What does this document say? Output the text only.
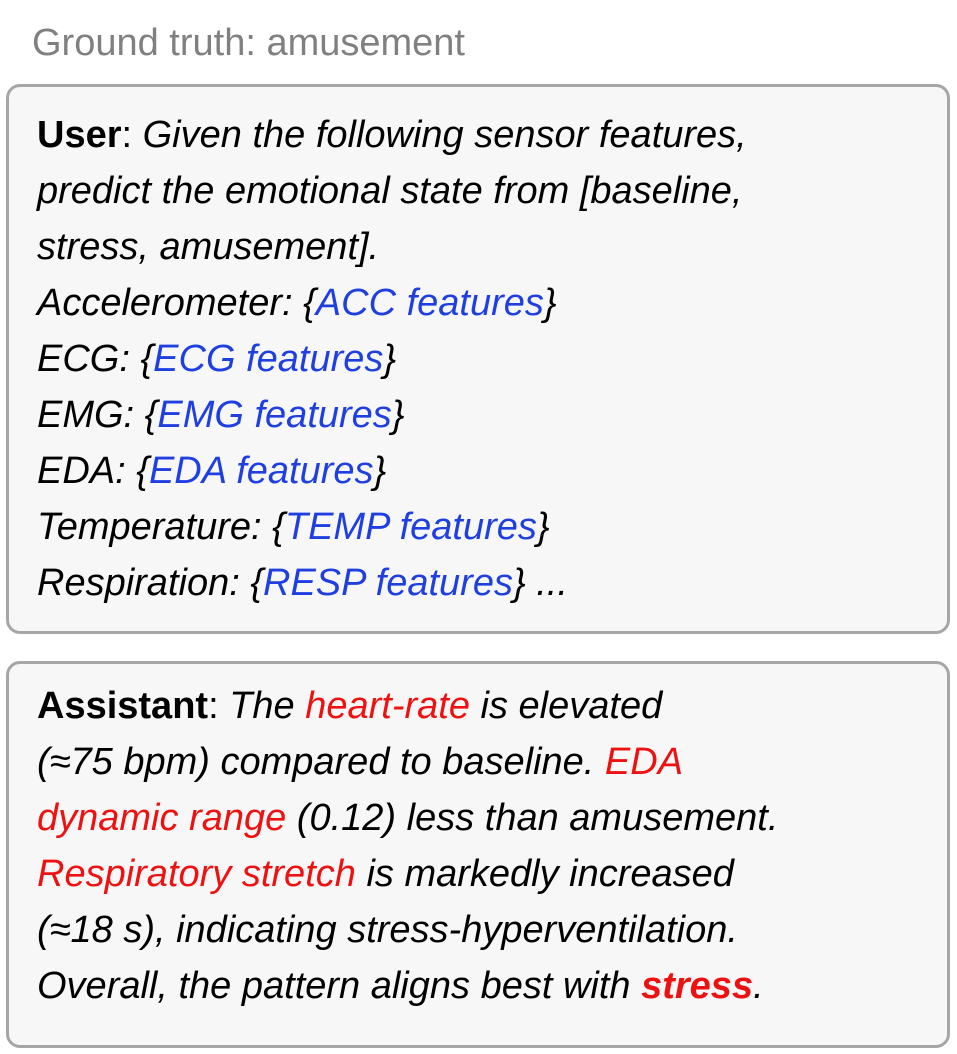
Ground truth: amusement
User: Given the following sensor features,
predict the emotional state from [baseline,
stress, amusement].
Accelerometer: {ACC features}
ECG: {ECG features}
EMG: {EMG features}
EDA: {EDA features}
Temperature: {TEMP features}
Respiration: {RESP features} ...
Assistant: The heart-rate is elevated
(≈75 bpm) compared to baseline. EDA
dynamic range (0.12) less than amusement.
Respiratory stretch is markedly increased
(≈18 s), indicating stress-hyperventilation.
Overall, the pattern aligns best with stress.
